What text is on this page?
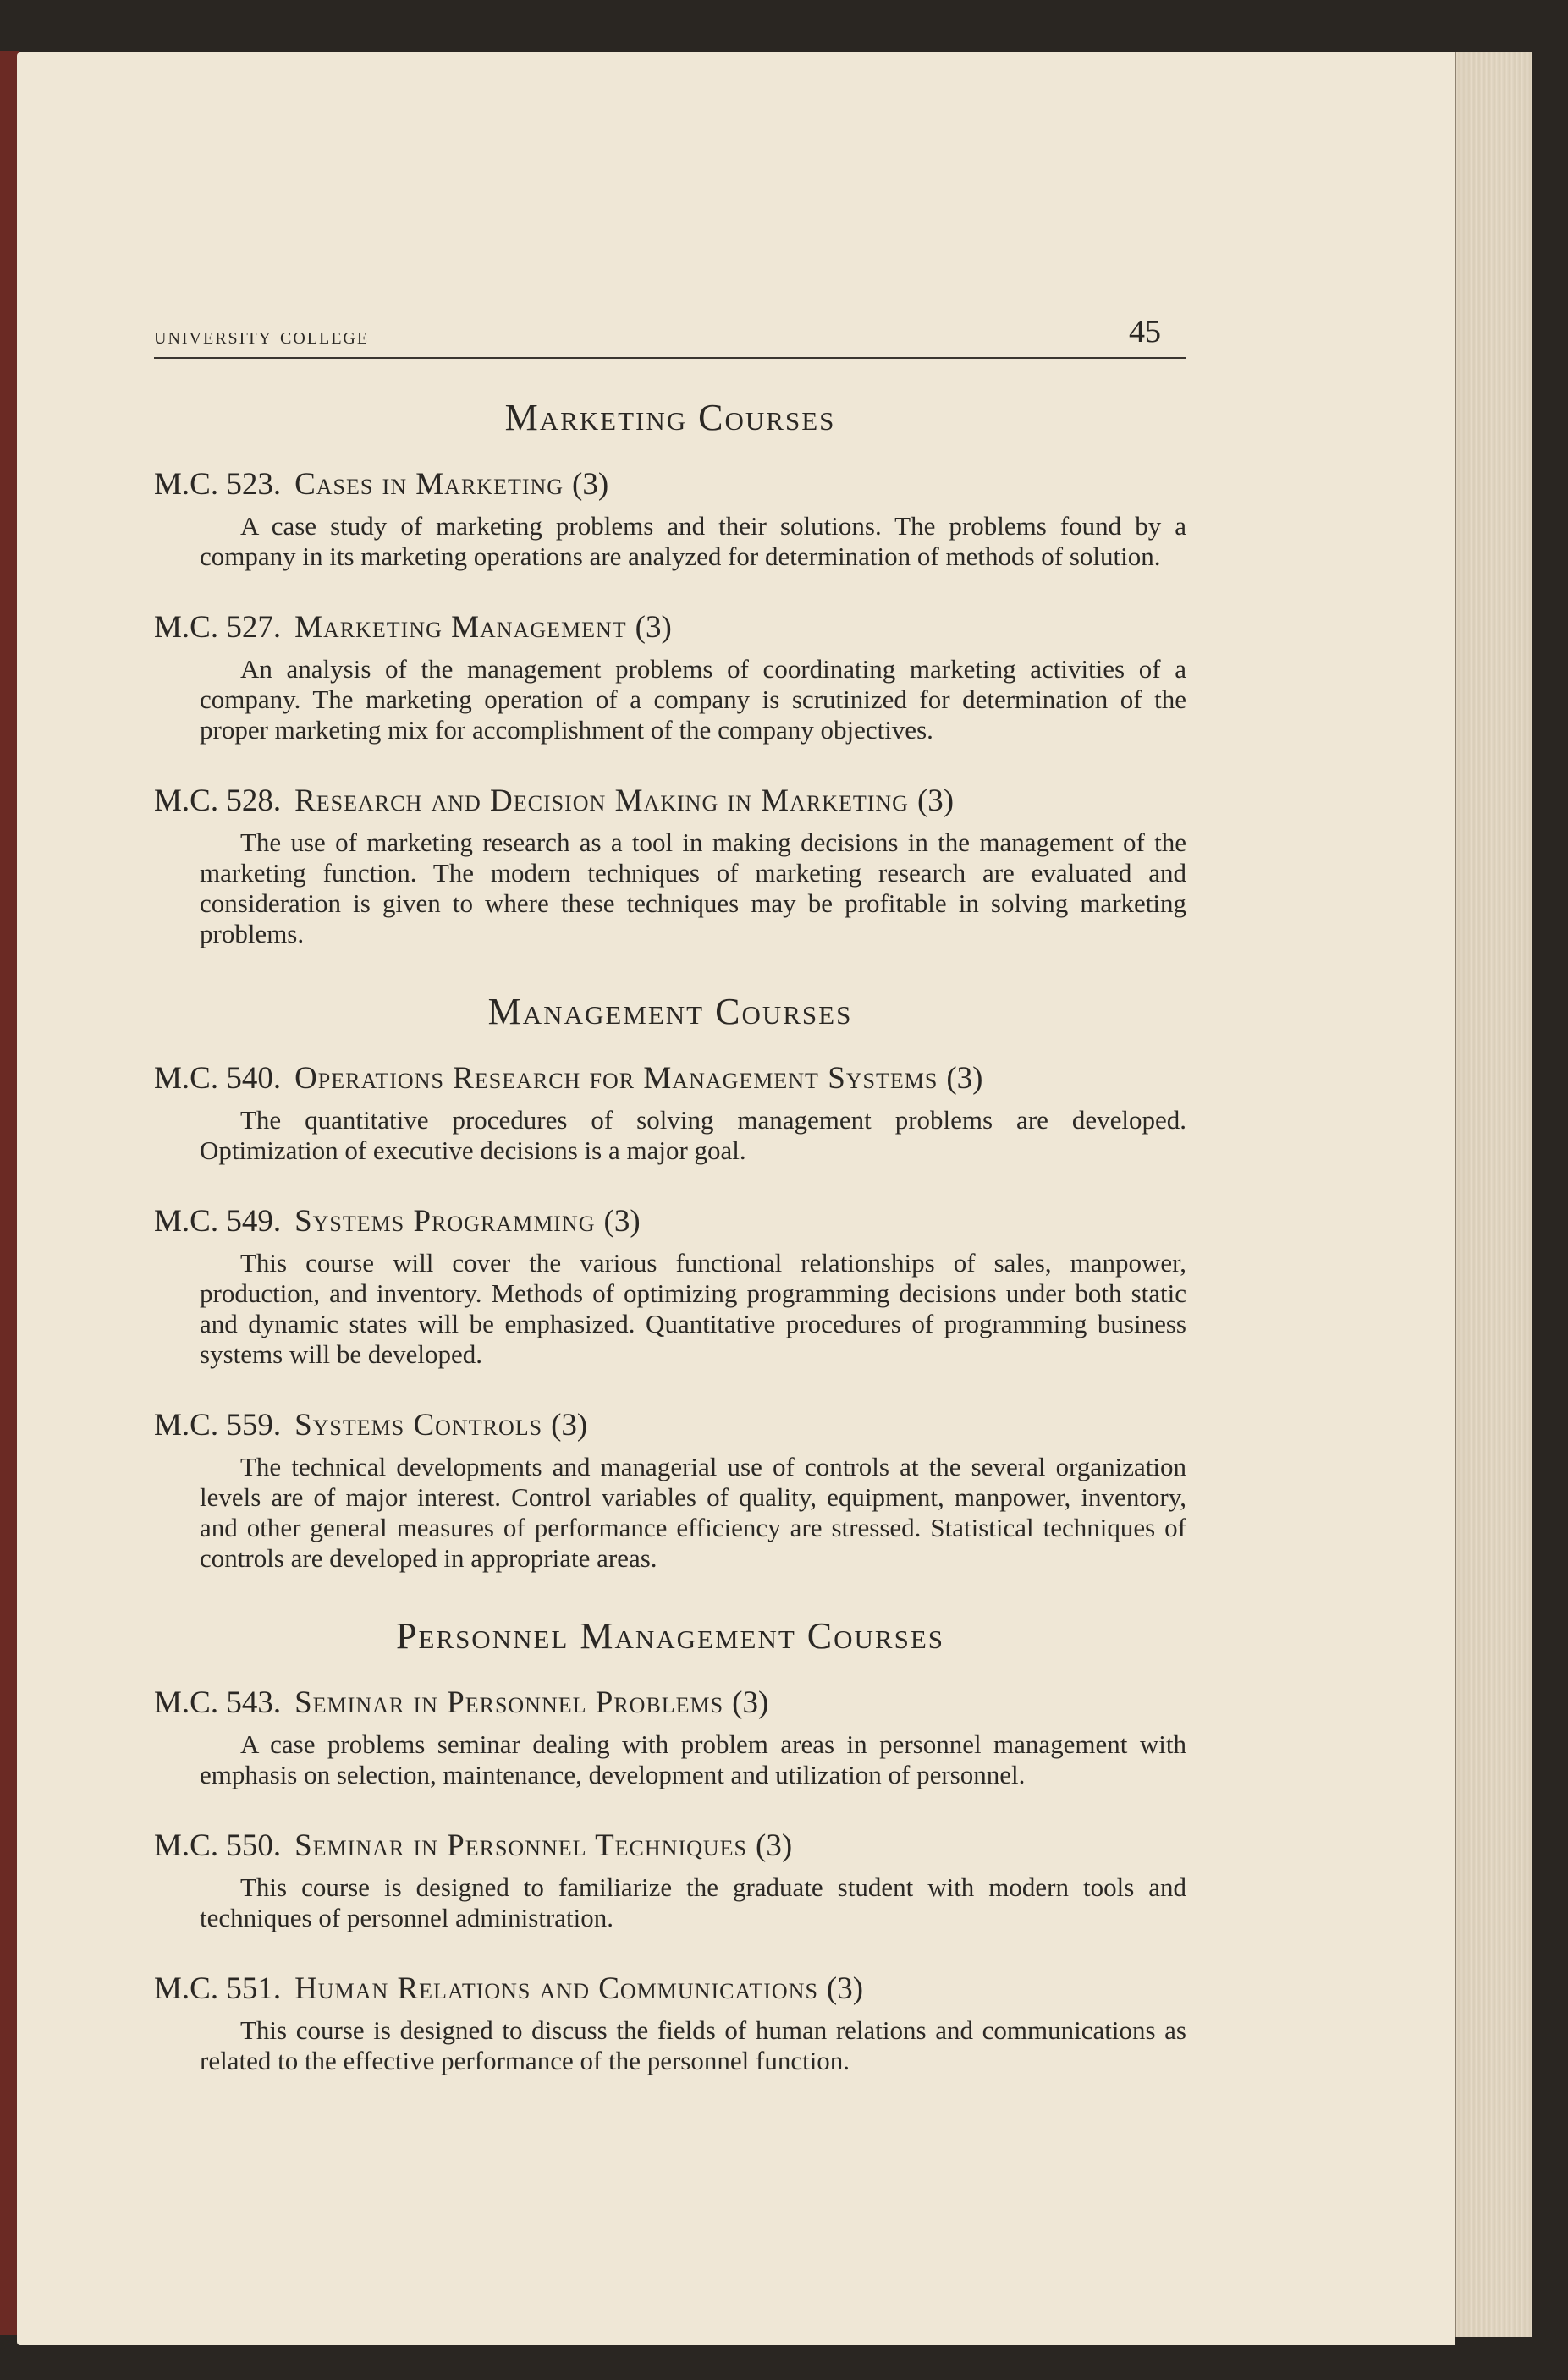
university college	45
Marketing Courses
M.C. 523. Cases in Marketing (3)
A case study of marketing problems and their solutions. The problems found by a company in its marketing operations are analyzed for determination of methods of solution.
M.C. 527. Marketing Management (3)
An analysis of the management problems of coordinating marketing activities of a company. The marketing operation of a company is scrutinized for determination of the proper marketing mix for accomplishment of the company objectives.
M.C. 528. Research and Decision Making in Marketing (3)
The use of marketing research as a tool in making decisions in the management of the marketing function. The modern techniques of marketing research are evaluated and consideration is given to where these techniques may be profitable in solving marketing problems.
Management Courses
M.C. 540. Operations Research for Management Systems (3)
The quantitative procedures of solving management problems are developed. Optimization of executive decisions is a major goal.
M.C. 549. Systems Programming (3)
This course will cover the various functional relationships of sales, manpower, production, and inventory. Methods of optimizing programming decisions under both static and dynamic states will be emphasized. Quantitative procedures of programming business systems will be developed.
M.C. 559. Systems Controls (3)
The technical developments and managerial use of controls at the several organization levels are of major interest. Control variables of quality, equipment, manpower, inventory, and other general measures of performance efficiency are stressed. Statistical techniques of controls are developed in appropriate areas.
Personnel Management Courses
M.C. 543. Seminar in Personnel Problems (3)
A case problems seminar dealing with problem areas in personnel management with emphasis on selection, maintenance, development and utilization of personnel.
M.C. 550. Seminar in Personnel Techniques (3)
This course is designed to familiarize the graduate student with modern tools and techniques of personnel administration.
M.C. 551. Human Relations and Communications (3)
This course is designed to discuss the fields of human relations and communications as related to the effective performance of the personnel function.
